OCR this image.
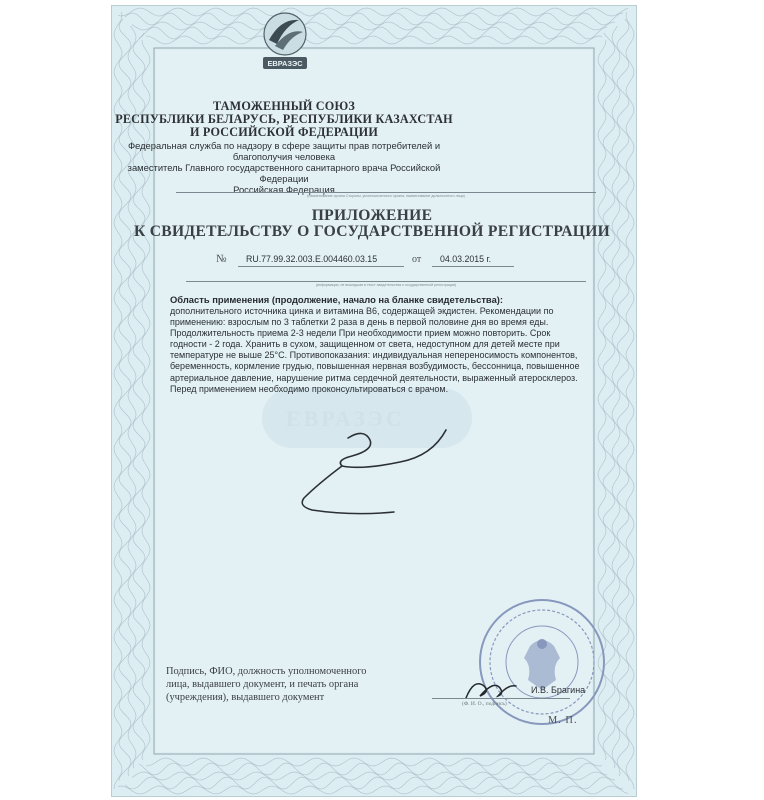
ЕВРАЗЭС
ЕВРАЗЭС
ТАМОЖЕННЫЙ СОЮЗ
РЕСПУБЛИКИ БЕЛАРУСЬ, РЕСПУБЛИКИ КАЗАХСТАН
И РОССИЙСКОЙ ФЕДЕРАЦИИ
Федеральная служба по надзору в сфере защиты прав потребителей и благополучия человека
заместитель Главного государственного санитарного врача Российской Федерации
Российская Федерация
(наименование органа Стороны, уполномоченного органа, наименование должностного лица)
ПРИЛОЖЕНИЕ
К СВИДЕТЕЛЬСТВУ О ГОСУДАРСТВЕННОЙ РЕГИСТРАЦИИ
№ RU.77.99.32.003.E.004460.03.15	от 04.03.2015 г.
(информация, не вошедшая в текст свидетельства о государственной регистрации)
Область применения (продолжение, начало на бланке свидетельства):
дополнительного источника цинка и витамина В6, содержащей экдистен. Рекомендации по
применению: взрослым по 3 таблетки 2 раза в день в первой половине дня во время еды.
Продолжительность приема 2-3 недели При необходимости прием можно повторить. Срок
годности - 2 года. Хранить в сухом, защищенном от света, недоступном для детей месте при
температуре не выше 25°С. Противопоказания: индивидуальная непереносимость компонентов,
беременность, кормление грудью, повышенная нервная возбудимость, бессонница, повышенное
артериальное давление, нарушение ритма сердечной деятельности, выраженный атеросклероз.
Перед применением необходимо проконсультироваться с врачом.
Подпись, ФИО, должность уполномоченного
лица, выдавшего документ, и печать органа
(учреждения), выдавшего документ
И.В. Брагина
(Ф. И. О., подпись)
М. П.
